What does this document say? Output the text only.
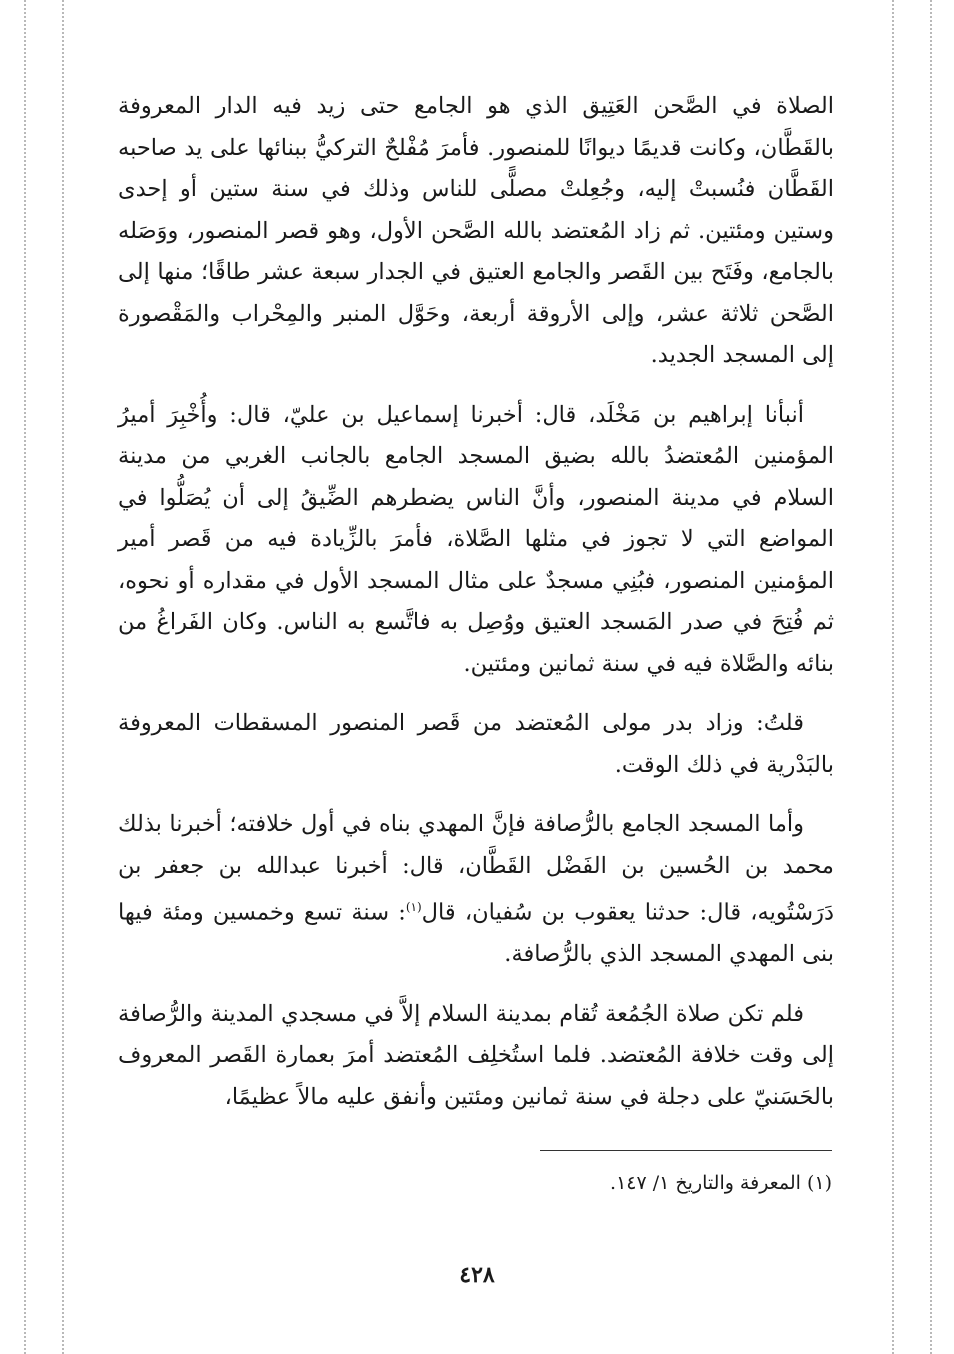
الصلاة في الصَّحن العَتِيق الذي هو الجامع حتى زيد فيه الدار المعروفة بالقَطَّان، وكانت قديمًا ديوانًا للمنصور. فأمرَ مُفْلحٌ التركيُّ ببنائها على يد صاحبه القَطَّان فنُسبتْ إليه، وجُعِلتْ مصلًّى للناس وذلك في سنة ستين أو إحدى وستين ومئتين. ثم زاد المُعتضد بالله الصَّحن الأول، وهو قصر المنصور، ووَصَله بالجامع، وفَتَح بين القَصر والجامع العتيق في الجدار سبعة عشر طاقًا؛ منها إلى الصَّحن ثلاثة عشر، وإلى الأروقة أربعة، وحَوَّل المنبر والمِحْراب والمَقْصورة إلى المسجد الجديد.

أنبأنا إبراهيم بن مَخْلَد، قال: أخبرنا إسماعيل بن عليّ، قال: وأُخْبِرَ أميرُ المؤمنين المُعتضدُ بالله بضيق المسجد الجامع بالجانب الغربي من مدينة السلام في مدينة المنصور، وأنَّ الناس يضطرهم الضِّيقُ إلى أن يُصَلُّوا في المواضع التي لا تجوز في مثلها الصَّلاة، فأمرَ بالزِّيادة فيه من قَصر أمير المؤمنين المنصور، فبُنِي مسجدٌ على مثال المسجد الأول في مقداره أو نحوه، ثم فُتِحَ في صدر المَسجد العتيق ووُصِل به فاتَّسع به الناس. وكان الفَراغُ من بنائه والصَّلاة فيه في سنة ثمانين ومئتين.

قلتُ: وزاد بدر مولى المُعتضد من قَصر المنصور المسقطات المعروفة بالبَدْرية في ذلك الوقت.

وأما المسجد الجامع بالرُّصافة فإنَّ المهدي بناه في أول خلافته؛ أخبرنا بذلك محمد بن الحُسين بن الفَضْل القَطَّان، قال: أخبرنا عبدالله بن جعفر بن دَرَسْتُويه، قال: حدثنا يعقوب بن سُفيان، قال$^{(١)}$: سنة تسع وخمسين ومئة فيها بنى المهدي المسجد الذي بالرُّصافة.

فلم تكن صلاة الجُمُعة تُقام بمدينة السلام إلاَّ في مسجدي المدينة والرُّصافة إلى وقت خلافة المُعتضد. فلما استُخلِف المُعتضد أمرَ بعمارة القَصر المعروف بالحَسَنيّ على دجلة في سنة ثمانين ومئتين وأنفق عليه مالاً عظيمًا،

(١) المعرفة والتاريخ ١/ ١٤٧.
٤٢٨
